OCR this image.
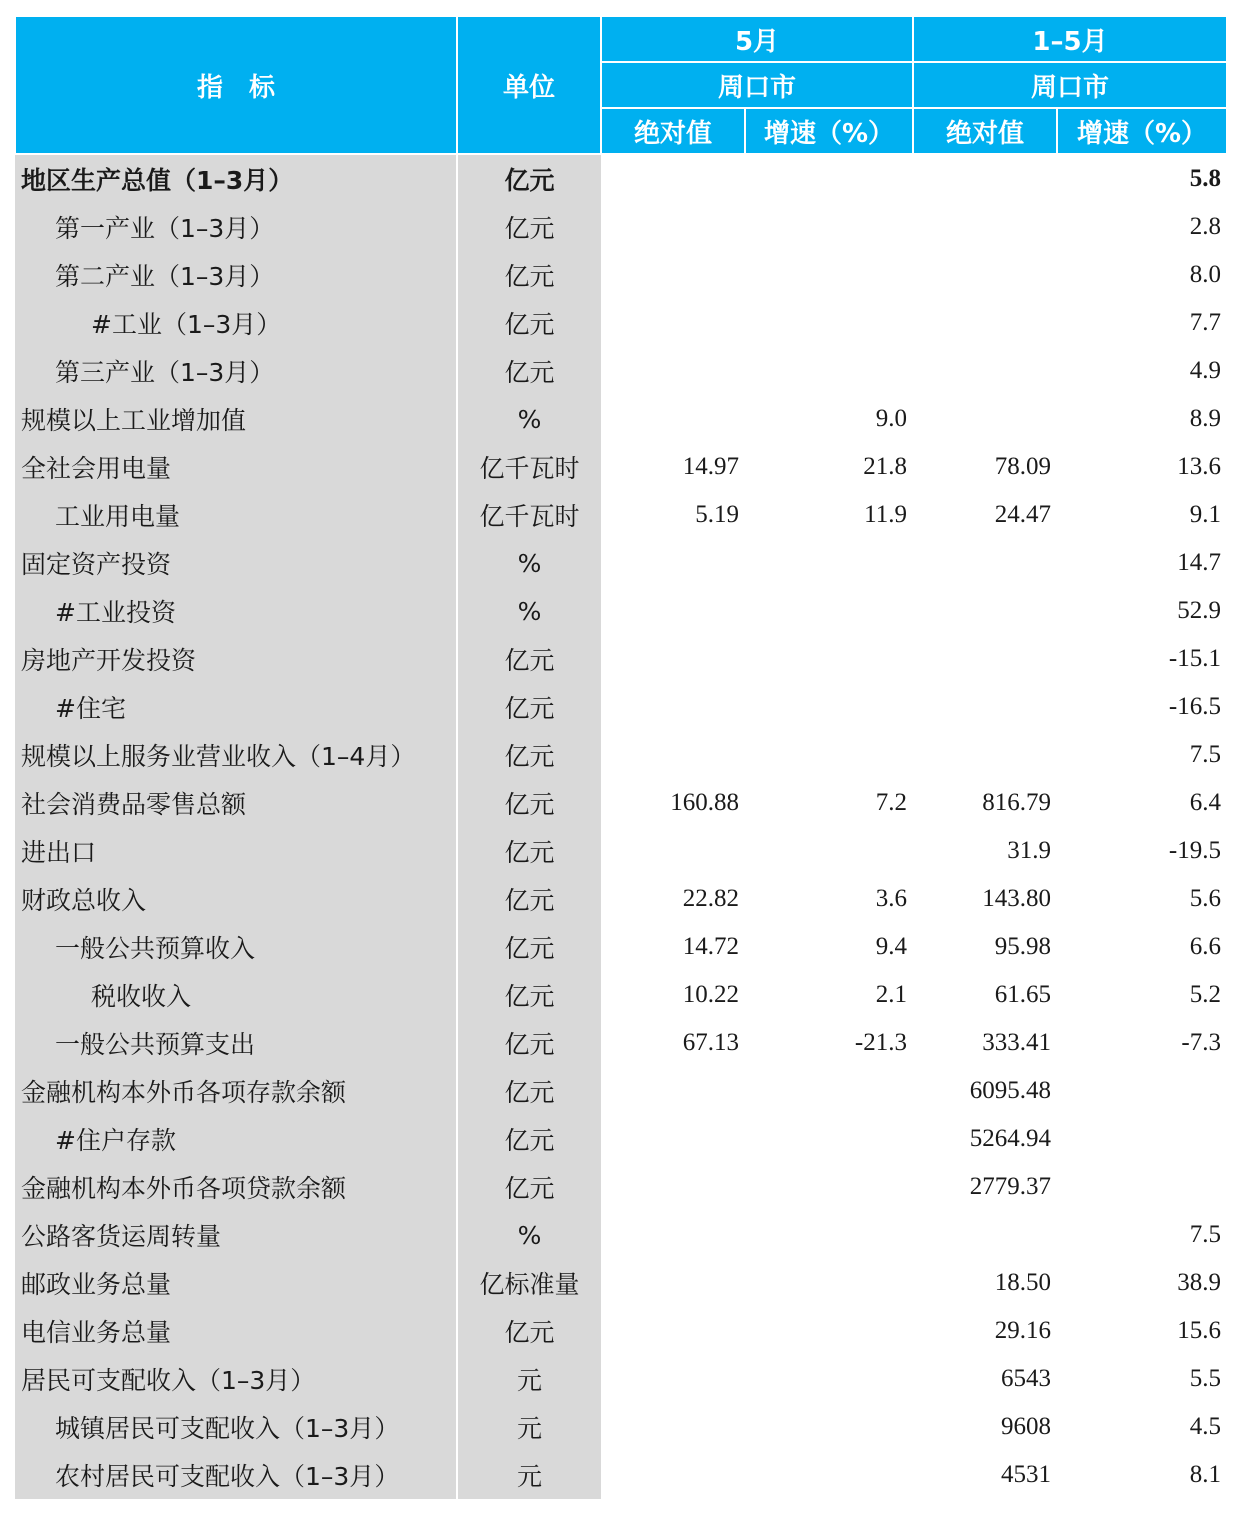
指　标	单位	5月		1–5月	
		周口市		周口市	
		绝对值	增速（%）	绝对值	增速（%）
地区生产总值（1–3月）	亿元				5.8
第一产业（1–3月）	亿元				2.8
第二产业（1–3月）	亿元				8.0
#工业（1–3月）	亿元				7.7
第三产业（1–3月）	亿元				4.9
规模以上工业增加值	%		9.0		8.9
全社会用电量	亿千瓦时	14.97	21.8	78.09	13.6
工业用电量	亿千瓦时	5.19	11.9	24.47	9.1
固定资产投资	%				14.7
#工业投资	%				52.9
房地产开发投资	亿元				-15.1
#住宅	亿元				-16.5
规模以上服务业营业收入（1–4月）	亿元				7.5
社会消费品零售总额	亿元	160.88	7.2	816.79	6.4
进出口	亿元			31.9	-19.5
财政总收入	亿元	22.82	3.6	143.80	5.6
一般公共预算收入	亿元	14.72	9.4	95.98	6.6
税收收入	亿元	10.22	2.1	61.65	5.2
一般公共预算支出	亿元	67.13	-21.3	333.41	-7.3
金融机构本外币各项存款余额	亿元			6095.48	
#住户存款	亿元			5264.94	
金融机构本外币各项贷款余额	亿元			2779.37	
公路客货运周转量	%				7.5
邮政业务总量	亿标准量			18.50	38.9
电信业务总量	亿元			29.16	15.6
居民可支配收入（1–3月）	元			6543	5.5
城镇居民可支配收入（1–3月）	元			9608	4.5
农村居民可支配收入（1–3月）	元			4531	8.1
